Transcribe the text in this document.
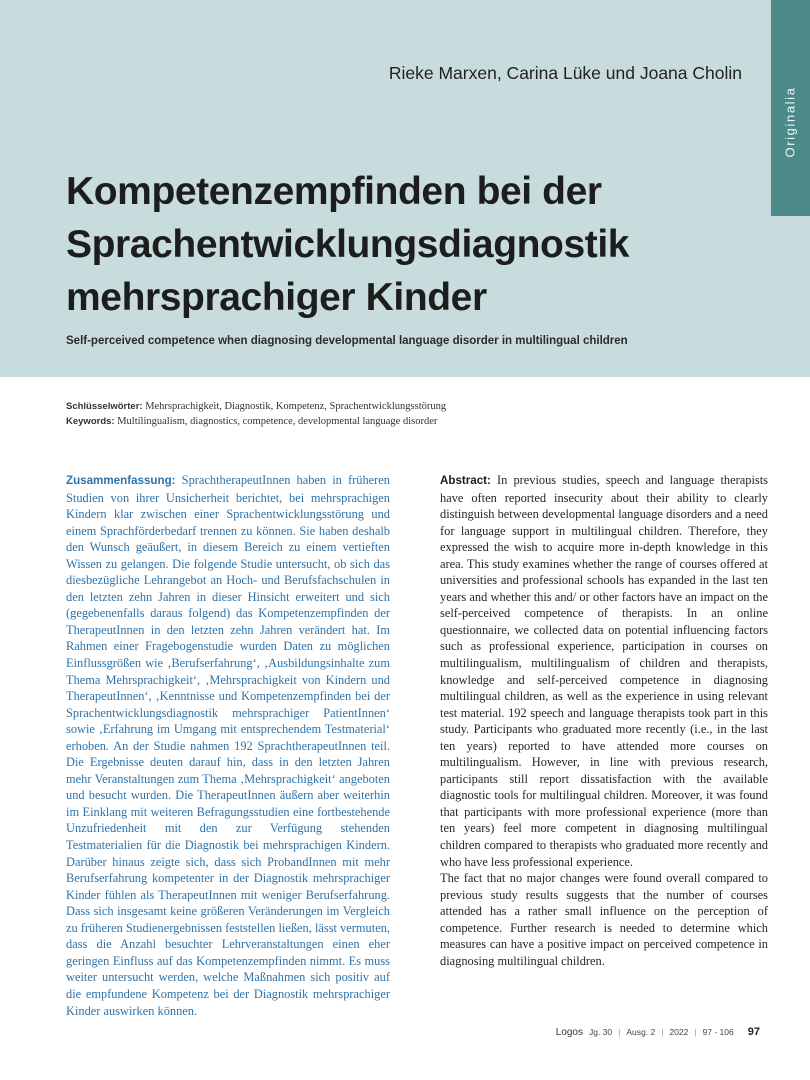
Originalia
Rieke Marxen, Carina Lüke und Joana Cholin
Kompetenzempfinden bei der
Sprachentwicklungsdiagnostik
mehrsprachiger Kinder
Self-perceived competence when diagnosing developmental language disorder in multilingual children
Schlüsselwörter: Mehrsprachigkeit, Diagnostik, Kompetenz, Sprachentwicklungsstörung
Keywords: Multilingualism, diagnostics, competence, developmental language disorder

Zusammenfassung: SprachtherapeutInnen haben in früheren Studien von ihrer Unsicherheit berichtet, bei mehrsprachigen Kindern klar zwischen einer Sprachentwicklungsstörung und einem Sprachförderbedarf trennen zu können. Sie haben deshalb den Wunsch geäußert, in diesem Bereich zu einem vertieften Wissen zu gelangen. Die folgende Studie untersucht, ob sich das diesbezügliche Lehrangebot an Hoch- und Berufsfachschulen in den letzten zehn Jahren in dieser Hinsicht erweitert und sich (gegebenenfalls daraus folgend) das Kompetenzempfinden der TherapeutInnen in den letzten zehn Jahren verändert hat. Im Rahmen einer Fragebogenstudie wurden Daten zu möglichen Einflussgrößen wie ‚Berufserfahrung‘, ‚Ausbildungsinhalte zum Thema Mehrsprachigkeit‘, ‚Mehrsprachigkeit von Kindern und TherapeutInnen‘, ‚Kenntnisse und Kompetenzempfinden bei der Sprachentwicklungsdiagnostik mehrsprachiger PatientInnen‘ sowie ‚Erfahrung im Umgang mit entsprechendem Testmaterial‘ erhoben. An der Studie nahmen 192 SprachtherapeutInnen teil. Die Ergebnisse deuten darauf hin, dass in den letzten Jahren mehr Veranstaltungen zum Thema ‚Mehrsprachigkeit‘ angeboten und besucht wurden. Die TherapeutInnen äußern aber weiterhin im Einklang mit weiteren Befragungsstudien eine fortbestehende Unzufriedenheit mit den zur Verfügung stehenden Testmaterialien für die Diagnostik bei mehrsprachigen Kindern. Darüber hinaus zeigte sich, dass sich ProbandInnen mit mehr Berufserfahrung kompetenter in der Diagnostik mehrsprachiger Kinder fühlen als TherapeutInnen mit weniger Berufserfahrung. Dass sich insgesamt keine größeren Veränderungen im Vergleich zu früheren Studienergebnissen feststellen ließen, lässt vermuten, dass die Anzahl besuchter Lehrveranstaltungen einen eher geringen Einfluss auf das Kompetenzempfinden nimmt. Es muss weiter untersucht werden, welche Maßnahmen sich positiv auf die empfundene Kompetenz bei der Diagnostik mehrsprachiger Kinder auswirken können.

Abstract: In previous studies, speech and language therapists have often reported insecurity about their ability to clearly distinguish between developmental language disorders and a need for language support in multilingual children. Therefore, they expressed the wish to acquire more in-depth knowledge in this area. This study examines whether the range of courses offered at universities and professional schools has expanded in the last ten years and whether this and/ or other factors have an impact on the self-perceived competence of therapists. In an online questionnaire, we collected data on potential influencing factors such as professional experience, participation in courses on multilingualism, multilingualism of children and therapists, knowledge and self-perceived competence in diagnosing multilingual children, as well as the experience in using relevant test material. 192 speech and language therapists took part in this study. Participants who graduated more recently (i.e., in the last ten years) reported to have attended more courses on multilingualism. However, in line with previous research, participants still report dissatisfaction with the available diagnostic tools for multilingual children. Moreover, it was found that participants with more professional experience (more than ten years) feel more competent in diagnosing multilingual children compared to therapists who graduated more recently and who have less professional experience.

The fact that no major changes were found overall compared to previous study results suggests that the number of courses attended has a rather small influence on the perception of competence. Further research is needed to determine which measures can have a positive impact on perceived competence in diagnosing multilingual children.

Logos Jg. 30 | Ausg. 2 | 2022 | 97 - 106 97
